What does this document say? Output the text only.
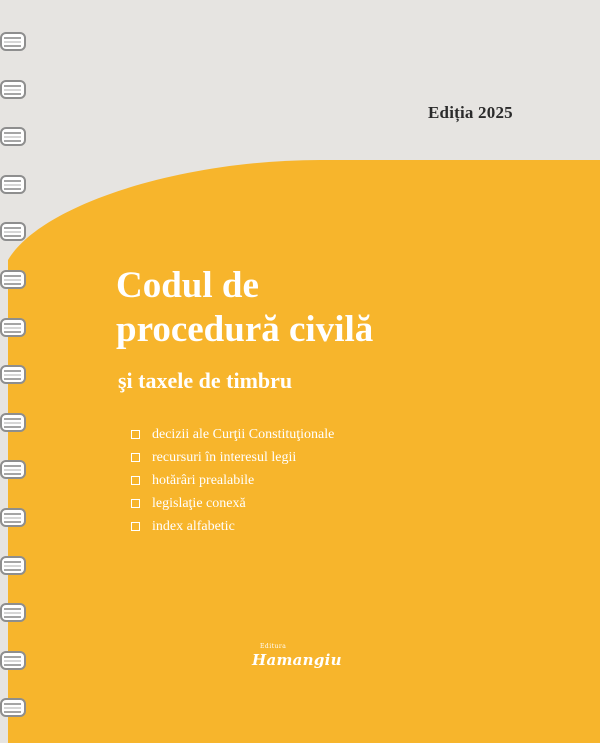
Ediția 2025
Codul de
procedură civilă

şi taxele de timbru

decizii ale Curţii Constituţionale
recursuri în interesul legii
hotărâri prealabile
legislaţie conexă
index alfabetic
Editura
Hamangiu
